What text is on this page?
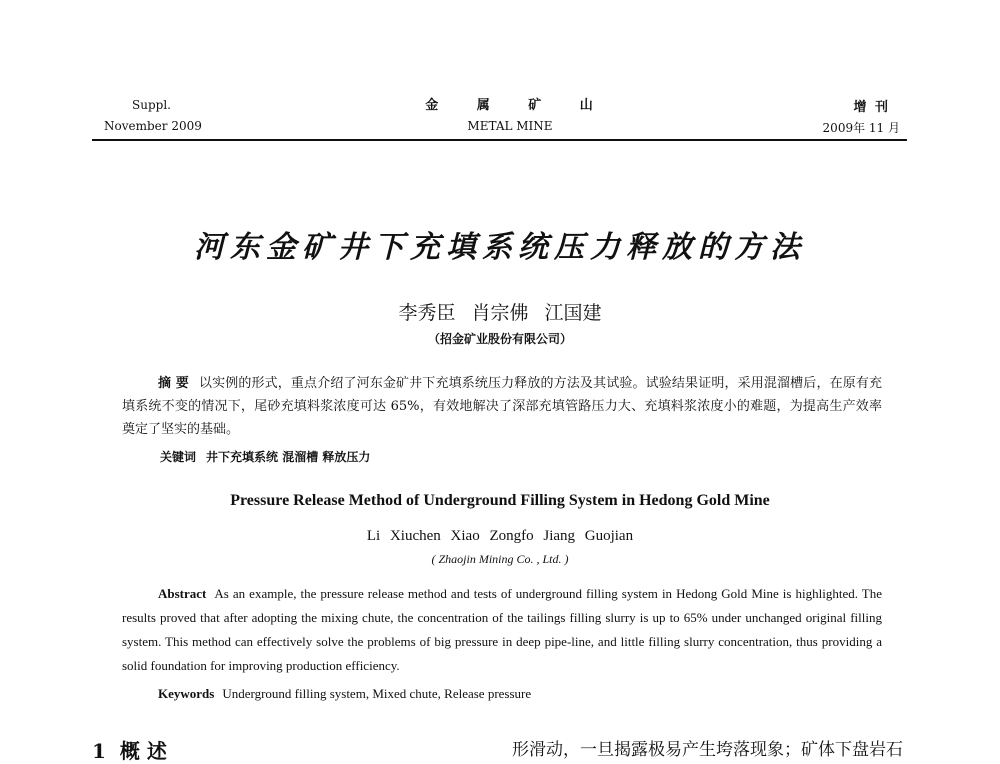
Suppl.
November 2009
金 属 矿 山
METAL MINE
增 刊
2009年 11 月
河东金矿井下充填系统压力释放的方法
李秀臣 肖宗佛 江国建
（招金矿业股份有限公司）
摘 要 以实例的形式，重点介绍了河东金矿井下充填系统压力释放的方法及其试验。试验结果证明，采用混溜槽后，在原有充填系统不变的情况下，尾砂充填料浆浓度可达 65%，有效地解决了深部充填管路压力大、充填料浆浓度小的难题，为提高生产效率奠定了坚实的基础。
关键词 井下充填系统 混溜槽 释放压力
Pressure Release Method of Underground Filling System in Hedong Gold Mine
Li Xiuchen Xiao Zongfo Jiang Guojian
( Zhaojin Mining Co. , Ltd. )
Abstract As an example, the pressure release method and tests of underground filling system in Hedong Gold Mine is highlighted. The results proved that after adopting the mixing chute, the concentration of the tailings filling slurry is up to 65% under unchanged original filling system. This method can effectively solve the problems of big pressure in deep pipe-line, and little filling slurry concentration, thus providing a solid foundation for improving production efficiency.
Keywords Underground filling system, Mixed chute, Release pressure
1 概 述	形滑动，一旦揭露极易产生垮落现象；矿体下盘岩石
